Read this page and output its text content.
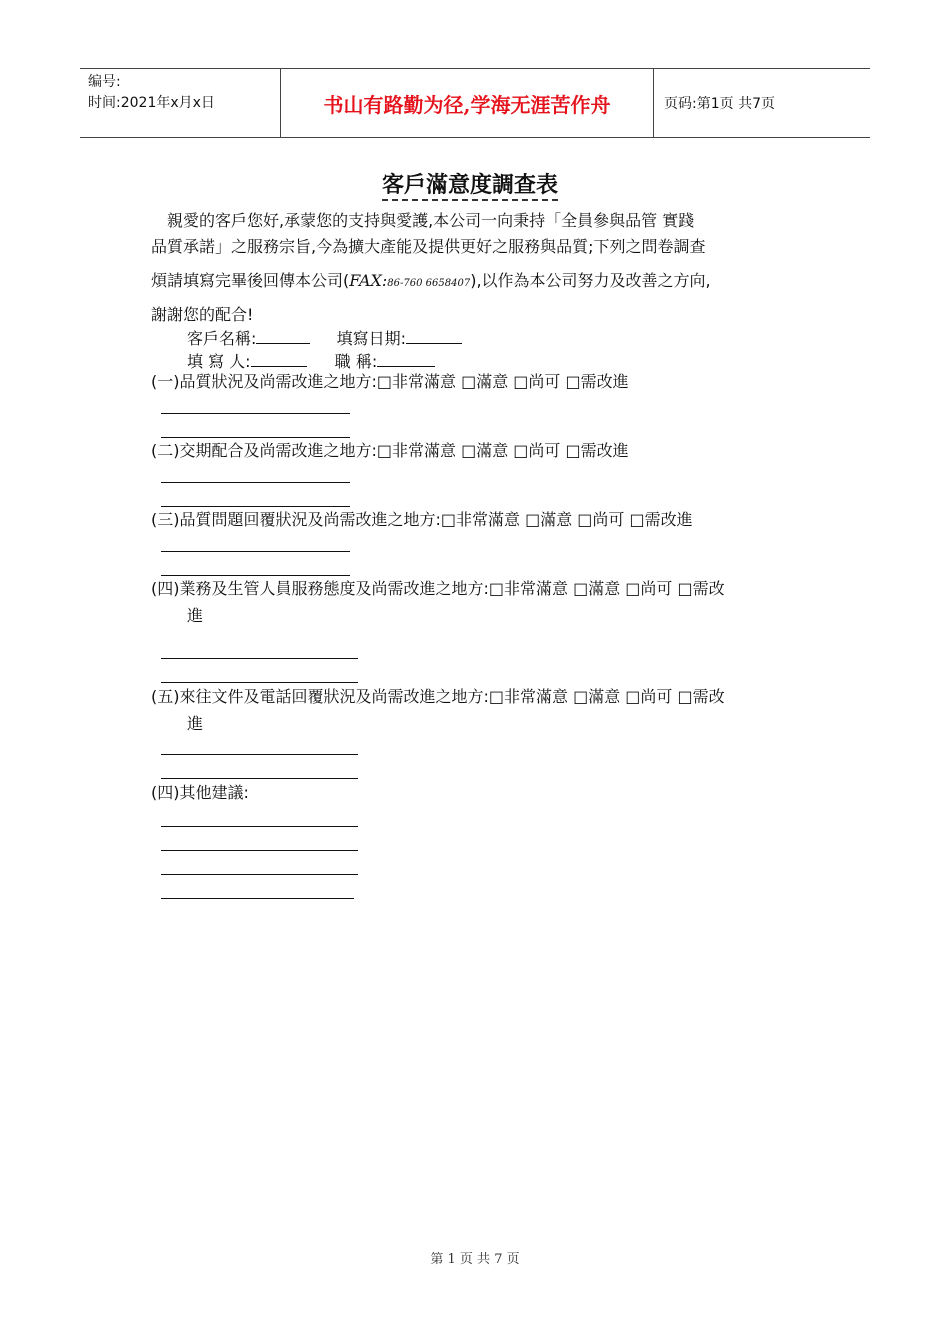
编号:
时间:2021年x月x日	书山有路勤为径,学海无涯苦作舟	页码:第1页 共7页
客戶滿意度調查表
親愛的客戶您好,承蒙您的支持與愛護,本公司一向秉持「全員參與品管 實踐
品質承諾」之服務宗旨,今為擴大產能及提供更好之服務與品質;下列之問卷調查
煩請填寫完畢後回傳本公司(FAX:86-760 6658407),以作為本公司努力及改善之方向,
謝謝您的配合!
客戶名稱:	填寫日期:
填 寫 人:	職 稱:
(一)品質狀況及尚需改進之地方:□非常滿意 □滿意 □尚可 □需改進
(二)交期配合及尚需改進之地方:□非常滿意 □滿意 □尚可 □需改進
(三)品質問題回覆狀況及尚需改進之地方:□非常滿意 □滿意 □尚可 □需改進
(四)業務及生管人員服務態度及尚需改進之地方:□非常滿意 □滿意 □尚可 □需改
進
(五)來往文件及電話回覆狀況及尚需改進之地方:□非常滿意 □滿意 □尚可 □需改
進
(四)其他建議:
第 1 页 共 7 页
